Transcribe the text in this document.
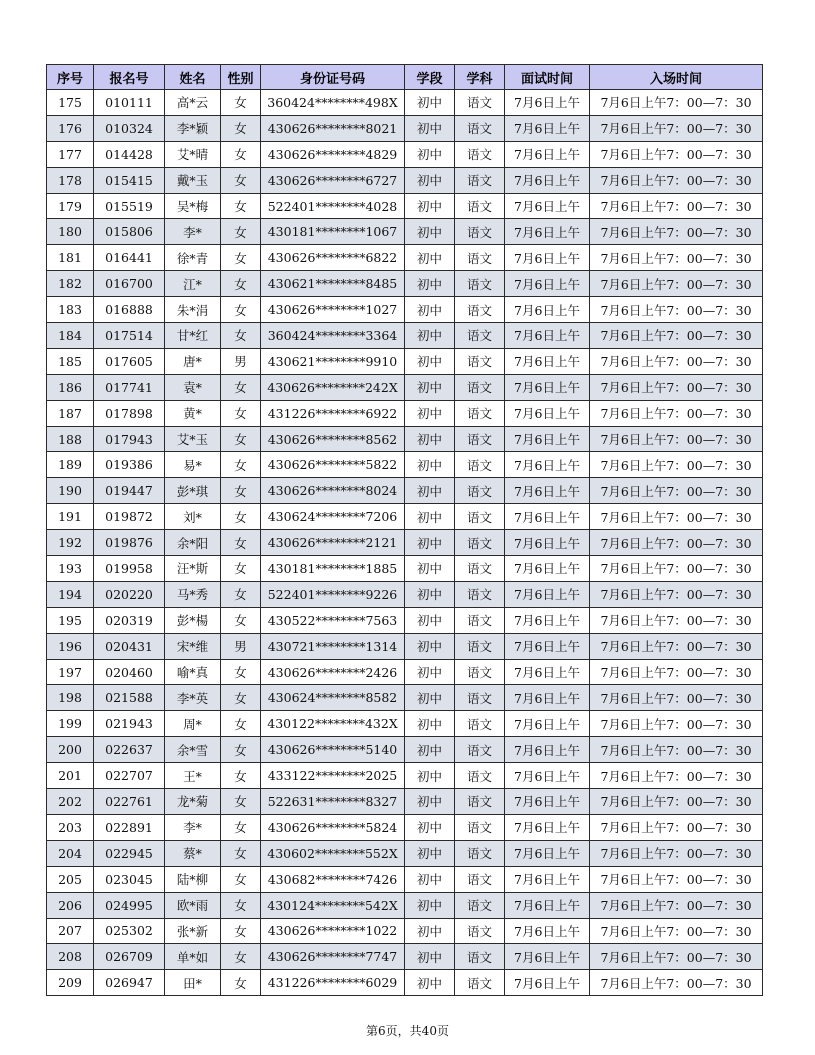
序号	报名号	姓名	性别	身份证号码	学段	学科	面试时间	入场时间
175	010111	高*云	女	360424********498X	初中	语文	7月6日上午	7月6日上午7：00—7：30
176	010324	李*颖	女	430626********8021	初中	语文	7月6日上午	7月6日上午7：00—7：30
177	014428	艾*晴	女	430626********4829	初中	语文	7月6日上午	7月6日上午7：00—7：30
178	015415	戴*玉	女	430626********6727	初中	语文	7月6日上午	7月6日上午7：00—7：30
179	015519	吴*梅	女	522401********4028	初中	语文	7月6日上午	7月6日上午7：00—7：30
180	015806	李*	女	430181********1067	初中	语文	7月6日上午	7月6日上午7：00—7：30
181	016441	徐*青	女	430626********6822	初中	语文	7月6日上午	7月6日上午7：00—7：30
182	016700	江*	女	430621********8485	初中	语文	7月6日上午	7月6日上午7：00—7：30
183	016888	朱*涓	女	430626********1027	初中	语文	7月6日上午	7月6日上午7：00—7：30
184	017514	甘*红	女	360424********3364	初中	语文	7月6日上午	7月6日上午7：00—7：30
185	017605	唐*	男	430621********9910	初中	语文	7月6日上午	7月6日上午7：00—7：30
186	017741	袁*	女	430626********242X	初中	语文	7月6日上午	7月6日上午7：00—7：30
187	017898	黄*	女	431226********6922	初中	语文	7月6日上午	7月6日上午7：00—7：30
188	017943	艾*玉	女	430626********8562	初中	语文	7月6日上午	7月6日上午7：00—7：30
189	019386	易*	女	430626********5822	初中	语文	7月6日上午	7月6日上午7：00—7：30
190	019447	彭*琪	女	430626********8024	初中	语文	7月6日上午	7月6日上午7：00—7：30
191	019872	刘*	女	430624********7206	初中	语文	7月6日上午	7月6日上午7：00—7：30
192	019876	余*阳	女	430626********2121	初中	语文	7月6日上午	7月6日上午7：00—7：30
193	019958	汪*斯	女	430181********1885	初中	语文	7月6日上午	7月6日上午7：00—7：30
194	020220	马*秀	女	522401********9226	初中	语文	7月6日上午	7月6日上午7：00—7：30
195	020319	彭*楊	女	430522********7563	初中	语文	7月6日上午	7月6日上午7：00—7：30
196	020431	宋*维	男	430721********1314	初中	语文	7月6日上午	7月6日上午7：00—7：30
197	020460	喻*真	女	430626********2426	初中	语文	7月6日上午	7月6日上午7：00—7：30
198	021588	李*英	女	430624********8582	初中	语文	7月6日上午	7月6日上午7：00—7：30
199	021943	周*	女	430122********432X	初中	语文	7月6日上午	7月6日上午7：00—7：30
200	022637	余*雪	女	430626********5140	初中	语文	7月6日上午	7月6日上午7：00—7：30
201	022707	王*	女	433122********2025	初中	语文	7月6日上午	7月6日上午7：00—7：30
202	022761	龙*菊	女	522631********8327	初中	语文	7月6日上午	7月6日上午7：00—7：30
203	022891	李*	女	430626********5824	初中	语文	7月6日上午	7月6日上午7：00—7：30
204	022945	蔡*	女	430602********552X	初中	语文	7月6日上午	7月6日上午7：00—7：30
205	023045	陆*柳	女	430682********7426	初中	语文	7月6日上午	7月6日上午7：00—7：30
206	024995	欧*雨	女	430124********542X	初中	语文	7月6日上午	7月6日上午7：00—7：30
207	025302	张*新	女	430626********1022	初中	语文	7月6日上午	7月6日上午7：00—7：30
208	026709	单*如	女	430626********7747	初中	语文	7月6日上午	7月6日上午7：00—7：30
209	026947	田*	女	431226********6029	初中	语文	7月6日上午	7月6日上午7：00—7：30
第6页，共40页
